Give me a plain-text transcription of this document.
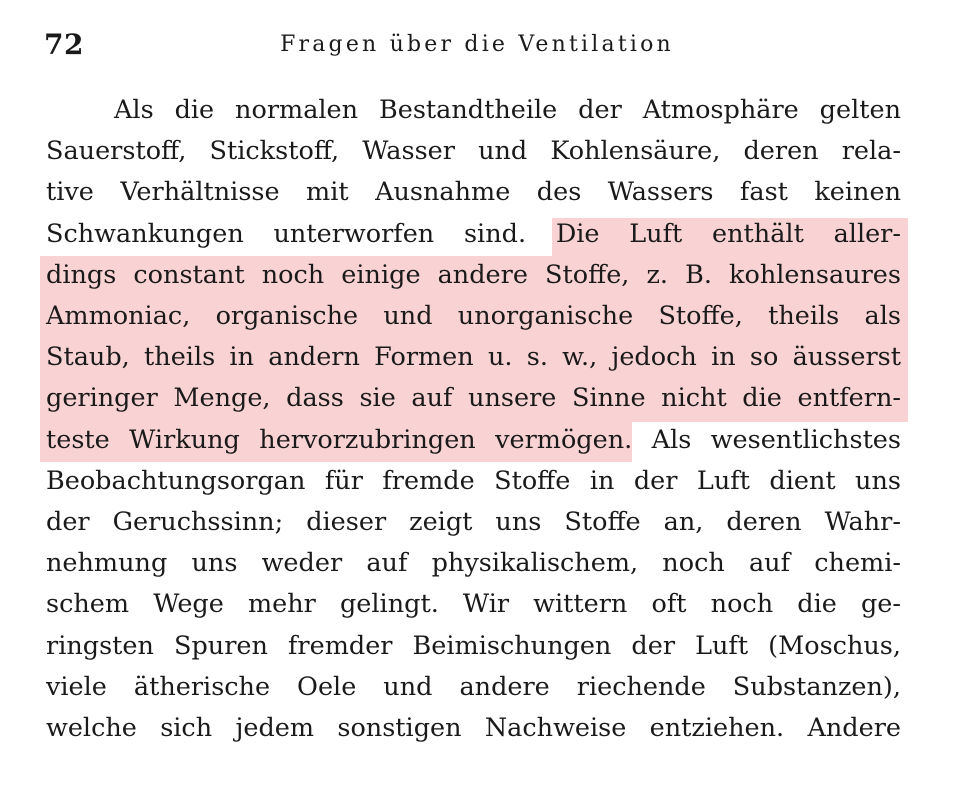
72	Fragen über die Ventilation
Als die normalen Bestandtheile der Atmosphäre gelten
Sauerstoff, Stickstoff, Wasser und Kohlensäure, deren rela-
tive Verhältnisse mit Ausnahme des Wassers fast keinen
Schwankungen unterworfen sind. Die Luft enthält aller-
dings constant noch einige andere Stoffe, z. B. kohlensaures
Ammoniac, organische und unorganische Stoffe, theils als
Staub, theils in andern Formen u. s. w., jedoch in so äusserst
geringer Menge, dass sie auf unsere Sinne nicht die entfern-
teste Wirkung hervorzubringen vermögen. Als wesentlichstes
Beobachtungsorgan für fremde Stoffe in der Luft dient uns
der Geruchssinn; dieser zeigt uns Stoffe an, deren Wahr-
nehmung uns weder auf physikalischem, noch auf chemi-
schem Wege mehr gelingt. Wir wittern oft noch die ge-
ringsten Spuren fremder Beimischungen der Luft (Moschus,
viele ätherische Oele und andere riechende Substanzen),
welche sich jedem sonstigen Nachweise entziehen. Andere
